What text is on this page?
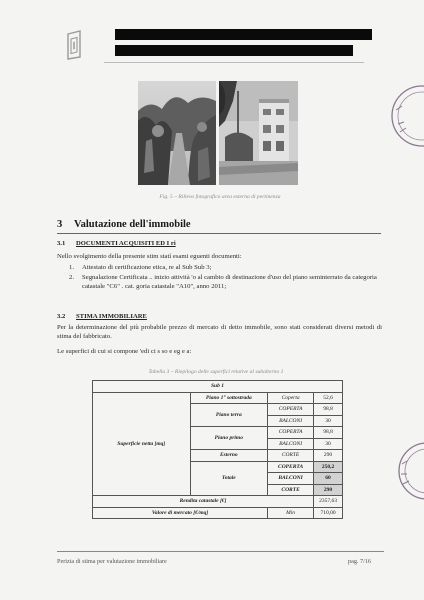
Fig. 5 – Rilievo fotografico area esterna di pertinenza
3 Valutazione dell'immobile
3.1 DOCUMENTI ACQUISITI ED I ri
Nello svolgimento della presente stim statí esami eguenti documenti:
1.	Attestato di certificazione etica, re al Sub Sub 3;
2.	Segnalazione Certificata .. inizio attività 'o al cambio di destinazione d'uso del piano seminterrato da categoria catastale "C6" . cat. goria catastale "A10", anno 2011;
3.2 STIMA IMMOBILIARE
Per la determinazione del più probabile prezzo di mercato di detto immobile, sono stati considerati diversi metodi di stima del fabbricato.
Le superfici di cui si compone 'edi ci s so e eg e a:
Tabella 3 – Riepilogo delle superfici relative al subalterno 1
Sub 1			
Superficie netta [mq]	Piano 1° sottostrada	Coperta	52,6
	Piano terra	COPERTA	98,8
		BALCONI	30
	Piano primo	COPERTA	98,8
		BALCONI	30
	Esterno	CORTE	290
	Totale	COPERTA	250,2
		BALCONI	60
		CORTE	290
Rendita catastale [€]			2357,63
Valore di mercato [€/mq]		Min	710,00
Perizia di stima per valutazione immobiliare	pag. 7/16
